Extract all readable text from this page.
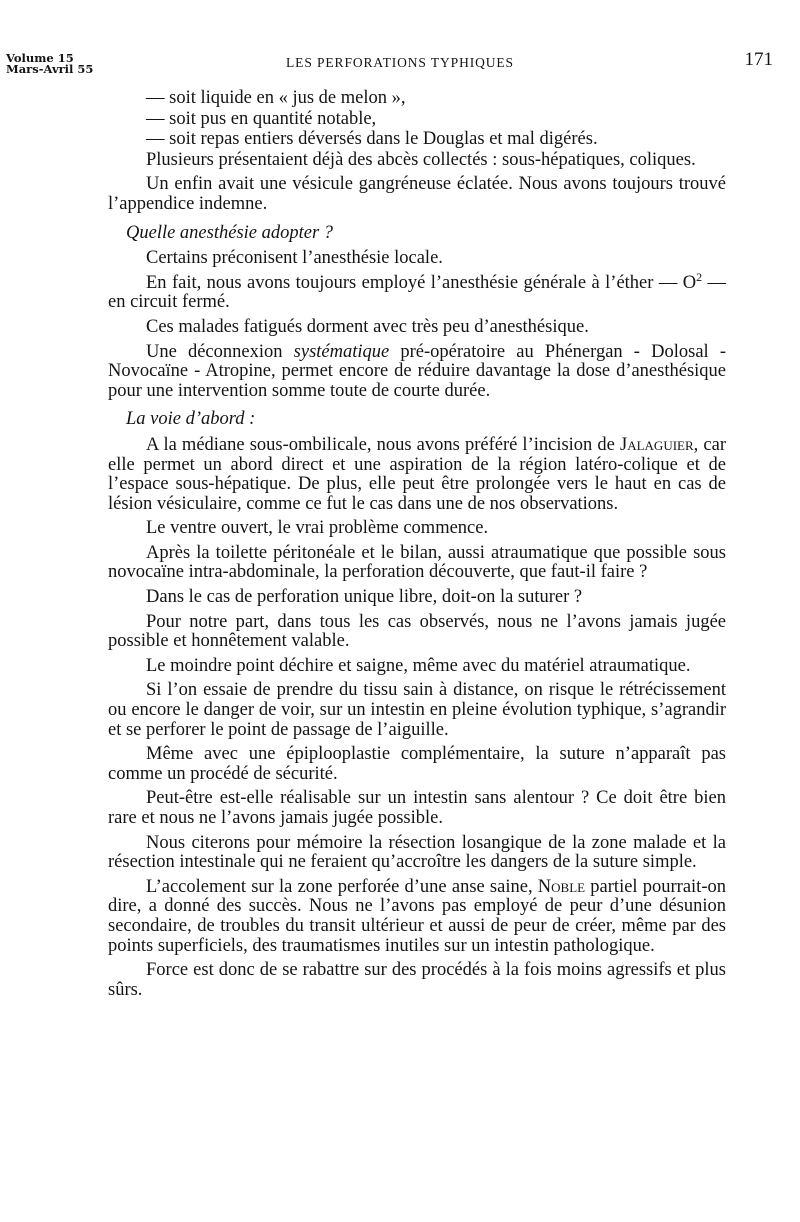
Volume 15
Mars-Avril 55	LES PERFORATIONS TYPHIQUES	171

— soit liquide en « jus de melon »,

— soit pus en quantité notable,

— soit repas entiers déversés dans le Douglas et mal digérés.

Plusieurs présentaient déjà des abcès collectés : sous-hépatiques, coliques.

Un enfin avait une vésicule gangréneuse éclatée. Nous avons toujours trouvé l’appendice indemne.

Quelle anesthésie adopter ?

Certains préconisent l’anesthésie locale.

En fait, nous avons toujours employé l’anesthésie générale à l’éther — $O^2$ — en circuit fermé.

Ces malades fatigués dorment avec très peu d’anesthésique.

Une déconnexion systématique pré-opératoire au Phénergan - Dolosal - Novocaïne - Atropine, permet encore de réduire davantage la dose d’anesthésique pour une intervention somme toute de courte durée.

La voie d’abord :

A la médiane sous-ombilicale, nous avons préféré l’incision de Jalaguier, car elle permet un abord direct et une aspiration de la région latéro-colique et de l’espace sous-hépatique. De plus, elle peut être prolongée vers le haut en cas de lésion vésiculaire, comme ce fut le cas dans une de nos observations.

Le ventre ouvert, le vrai problème commence.

Après la toilette péritonéale et le bilan, aussi atraumatique que possible sous novocaïne intra-abdominale, la perforation découverte, que faut-il faire ?

Dans le cas de perforation unique libre, doit-on la suturer ?

Pour notre part, dans tous les cas observés, nous ne l’avons jamais jugée possible et honnêtement valable.

Le moindre point déchire et saigne, même avec du matériel atraumatique.

Si l’on essaie de prendre du tissu sain à distance, on risque le rétrécissement ou encore le danger de voir, sur un intestin en pleine évolution typhique, s’agrandir et se perforer le point de passage de l’aiguille.

Même avec une épiplooplastie complémentaire, la suture n’apparaît pas comme un procédé de sécurité.

Peut-être est-elle réalisable sur un intestin sans alentour ? Ce doit être bien rare et nous ne l’avons jamais jugée possible.

Nous citerons pour mémoire la résection losangique de la zone malade et la résection intestinale qui ne feraient qu’accroître les dangers de la suture simple.

L’accolement sur la zone perforée d’une anse saine, Noble partiel pourrait-on dire, a donné des succès. Nous ne l’avons pas employé de peur d’une désunion secondaire, de troubles du transit ultérieur et aussi de peur de créer, même par des points superficiels, des traumatismes inutiles sur un intestin pathologique.

Force est donc de se rabattre sur des procédés à la fois moins agressifs et plus sûrs.
